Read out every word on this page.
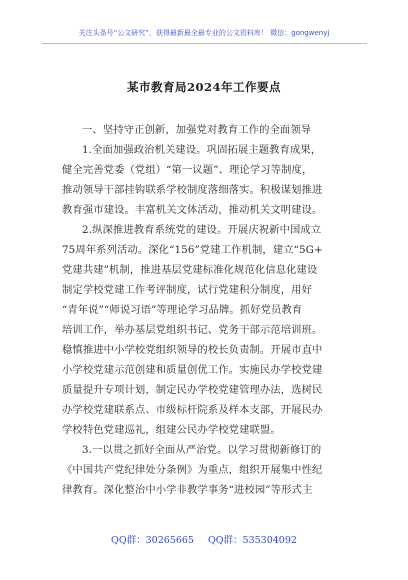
关注头条号“公文研究”，获得最新最全最专业的公文资料库！ 微信：gongwenyj
某市教育局2024年工作要点
一、坚持守正创新，加强党对教育工作的全面领导
1.全面加强政治机关建设。巩固拓展主题教育成果，
健全完善党委（党组）“第一议题”、理论学习等制度，
推动领导干部挂钩联系学校制度落细落实。积极谋划推进
教育强市建设。丰富机关文体活动，推动机关文明建设。
2.纵深推进教育系统党的建设。开展庆祝新中国成立
75周年系列活动。深化“156”党建工作机制，建立“5G+
党建共建”机制，推进基层党建标准化规范化信息化建设
制定学校党建工作考评制度，试行党建积分制度，用好
“青年说”“师说习语”等理论学习品牌。抓好党员教育
培训工作，举办基层党组织书记、党务干部示范培训班。
稳慎推进中小学校党组织领导的校长负责制。开展市直中
小学校党建示范创建和质量创优工作。实施民办学校党建
质量提升专项计划，制定民办学校党建管理办法，选树民
办学校党建联系点、市级标杆院系及样本支部，开展民办
学校特色党建巡礼，组建公民办学校党建联盟。
3.一以贯之抓好全面从严治党。以学习贯彻新修订的
《中国共产党纪律处分条例》为重点，组织开展集中性纪
律教育。深化整治中小学非教学事务“进校园”等形式主
QQ群：30265665 QQ群：535304092
